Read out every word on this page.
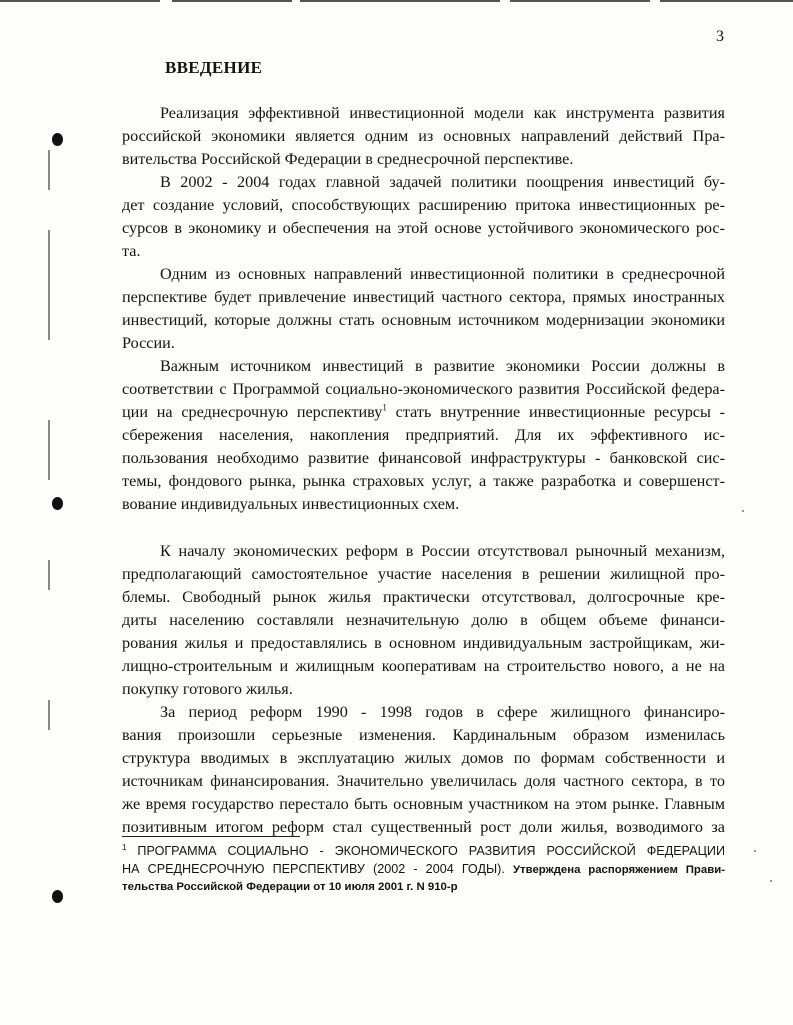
3
ВВЕДЕНИЕ
Реализация эффективной инвестиционной модели как инструмента развития
российской экономики является одним из основных направлений действий Пра-
вительства Российской Федерации в среднесрочной перспективе.
В 2002 - 2004 годах главной задачей политики поощрения инвестиций бу-
дет создание условий, способствующих расширению притока инвестиционных ре-
сурсов в экономику и обеспечения на этой основе устойчивого экономического рос-
та.
Одним из основных направлений инвестиционной политики в среднесрочной
перспективе будет привлечение инвестиций частного сектора, прямых иностранных
инвестиций, которые должны стать основным источником модернизации экономики
России.
Важным источником инвестиций в развитие экономики России должны в
соответствии с Программой социально-экономического развития Российской федера-
ции на среднесрочную перспективу$^1$ стать внутренние инвестиционные ресурсы -
сбережения населения, накопления предприятий. Для их эффективного ис-
пользования необходимо развитие финансовой инфраструктуры - банковской сис-
темы, фондового рынка, рынка страховых услуг, а также разработка и совершенст-
вование индивидуальных инвестиционных схем.
К началу экономических реформ в России отсутствовал рыночный механизм,
предполагающий самостоятельное участие населения в решении жилищной про-
блемы. Свободный рынок жилья практически отсутствовал, долгосрочные кре-
диты населению составляли незначительную долю в общем объеме финанси-
рования жилья и предоставлялись в основном индивидуальным застройщикам, жи-
лищно-строительным и жилищным кооперативам на строительство нового, а не на
покупку готового жилья.
За период реформ 1990 - 1998 годов в сфере жилищного финансиро-
вания произошли серьезные изменения. Кардинальным образом изменилась
структура вводимых в эксплуатацию жилых домов по формам собственности и
источникам финансирования. Значительно увеличилась доля частного сектора, в то
же время государство перестало быть основным участником на этом рынке. Главным
позитивным итогом реформ стал существенный рост доли жилья, возводимого за
$^1$ ПРОГРАММА СОЦИАЛЬНО - ЭКОНОМИЧЕСКОГО РАЗВИТИЯ РОССИЙСКОЙ ФЕДЕРАЦИИ
НА СРЕДНЕСРОЧНУЮ ПЕРСПЕКТИВУ (2002 - 2004 ГОДЫ). Утверждена распоряжением Прави-
тельства Российской Федерации от 10 июля 2001 г. N 910-р
